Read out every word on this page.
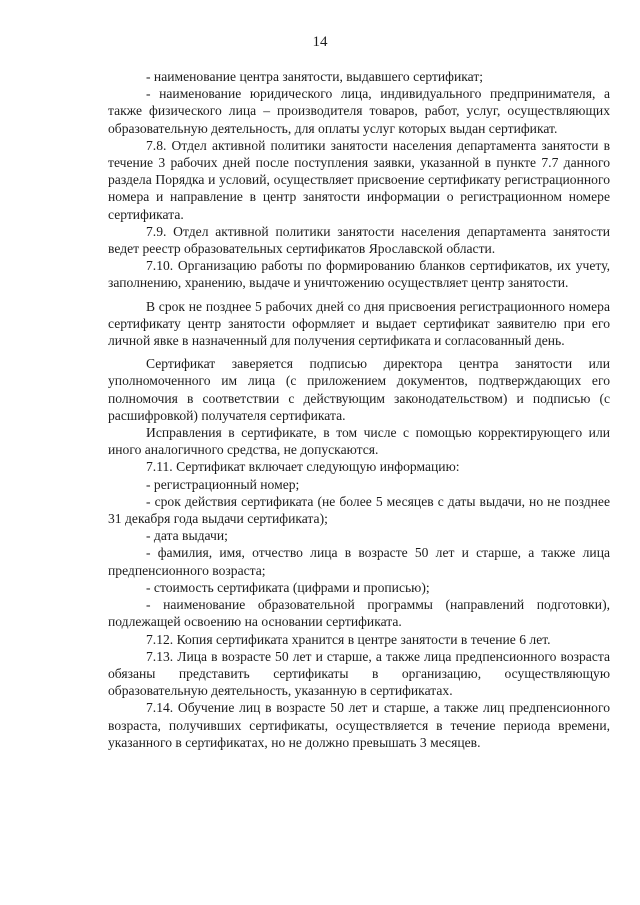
14

- наименование центра занятости, выдавшего сертификат;

- наименование юридического лица, индивидуального предпринимателя, а также физического лица – производителя товаров, работ, услуг, осуществляющих образовательную деятельность, для оплаты услуг которых выдан сертификат.

7.8. Отдел активной политики занятости населения департамента занятости в течение 3 рабочих дней после поступления заявки, указанной в пункте 7.7 данного раздела Порядка и условий, осуществляет присвоение сертификату регистрационного номера и направление в центр занятости информации о регистрационном номере сертификата.

7.9. Отдел активной политики занятости населения департамента занятости ведет реестр образовательных сертификатов Ярославской области.

7.10. Организацию работы по формированию бланков сертификатов, их учету, заполнению, хранению, выдаче и уничтожению осуществляет центр занятости.

В срок не позднее 5 рабочих дней со дня присвоения регистрационного номера сертификату центр занятости оформляет и выдает сертификат заявителю при его личной явке в назначенный для получения сертификата и согласованный день.

Сертификат заверяется подписью директора центра занятости или уполномоченного им лица (с приложением документов, подтверждающих его полномочия в соответствии с действующим законодательством) и подписью (с расшифровкой) получателя сертификата.

Исправления в сертификате, в том числе с помощью корректирующего или иного аналогичного средства, не допускаются.

7.11. Сертификат включает следующую информацию:

- регистрационный номер;

- срок действия сертификата (не более 5 месяцев с даты выдачи, но не позднее 31 декабря года выдачи сертификата);

- дата выдачи;

- фамилия, имя, отчество лица в возрасте 50 лет и старше, а также лица предпенсионного возраста;

- стоимость сертификата (цифрами и прописью);

- наименование образовательной программы (направлений подготовки), подлежащей освоению на основании сертификата.

7.12. Копия сертификата хранится в центре занятости в течение 6 лет.

7.13. Лица в возрасте 50 лет и старше, а также лица предпенсионного возраста обязаны представить сертификаты в организацию, осуществляющую образовательную деятельность, указанную в сертификатах.

7.14. Обучение лиц в возрасте 50 лет и старше, а также лиц предпенсионного возраста, получивших сертификаты, осуществляется в течение периода времени, указанного в сертификатах, но не должно превышать 3 месяцев.
